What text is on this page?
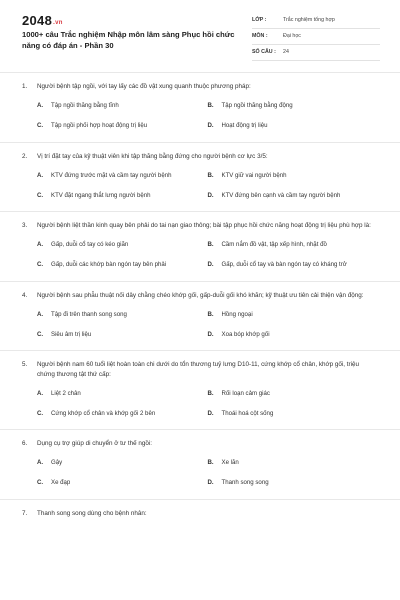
2048.vn
1000+ câu Trắc nghiệm Nhập môn lâm sàng Phục hồi chức năng có đáp án - Phần 30
LỚP :	Trắc nghiệm tổng hợp
MÔN :	Đại học
SỐ CÂU : 24
1.	Người bệnh tập ngồi, với tay lấy các đồ vật xung quanh thuộc phương pháp:
A.	Tập ngồi thăng bằng tĩnh	B.	Tập ngồi thăng bằng động
C.	Tập ngồi phối hợp hoạt động trị liệu	D.	Hoạt động trị liệu
2.	Vị trí đặt tay của kỹ thuật viên khi tập thăng bằng đứng cho người bệnh cơ lực 3/5:
A.	KTV đứng trước mặt và cầm tay người bệnh	B.	KTV giữ vai người bệnh
C.	KTV đặt ngang thắt lưng người bệnh	D.	KTV đứng bên cạnh và cầm tay người bệnh
3.	Người bệnh liệt thần kinh quay bên phải do tai nạn giao thông; bài tập phục hồi chức năng hoạt động trị liệu phù hợp là:
A.	Gấp, duỗi cổ tay có kéo giãn	B.	Cầm nắm đồ vật, tập xếp hình, nhặt đồ
C.	Gấp, duỗi các khớp bàn ngón tay bên phải	D.	Gấp, duỗi cổ tay và bàn ngón tay có kháng trở
4.	Người bệnh sau phẫu thuật nối dây chằng chéo khớp gối, gấp-duỗi gối khó khăn; kỹ thuật ưu tiên cải thiện vận động:
A.	Tập đi trên thanh song song	B.	Hồng ngoại
C.	Siêu âm trị liệu	D.	Xoa bóp khớp gối
5.	Người bệnh nam 60 tuổi liệt hoàn toàn chi dưới do tổn thương tuỷ lưng D10-11, cứng khớp cổ chân, khớp gối, triệu chứng thương tật thứ cấp:
A.	Liệt 2 chân	B.	Rối loạn cảm giác
C.	Cứng khớp cổ chân và khớp gối 2 bên	D.	Thoái hoá cột sống
6.	Dụng cụ trợ giúp di chuyển ở tư thế ngồi:
A.	Gậy	B.	Xe lăn
C.	Xe đạp	D.	Thanh song song
7.	Thanh song song dùng cho bệnh nhân:
